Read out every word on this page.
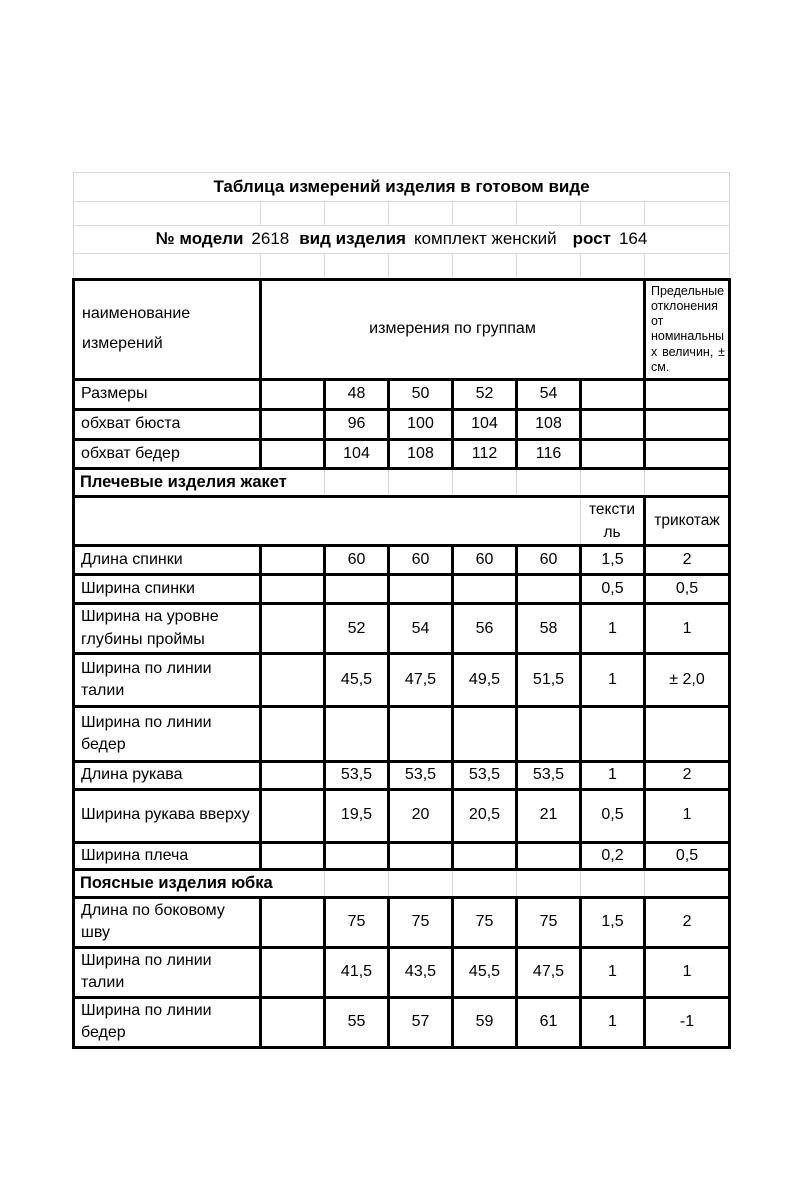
Таблица измерений изделия в готовом виде							

№ модели 2618 вид изделия комплект женский рост 164							

наименование измерений	измерения по группам						Предельные отклонения от номинальных величин, ± см.
Размеры		48	50	52	54		
обхват бюста		96	100	104	108		
обхват бедер		104	108	112	116		
Плечевые изделия жакет							
						текстиль	трикотаж
Длина спинки		60	60	60	60	1,5	2
Ширина спинки						0,5	0,5
Ширина на уровне глубины проймы		52	54	56	58	1	1
Ширина по линии талии		45,5	47,5	49,5	51,5	1	± 2,0
Ширина по линии бедер							
Длина рукава		53,5	53,5	53,5	53,5	1	2
Ширина рукава вверху		19,5	20	20,5	21	0,5	1
Ширина плеча						0,2	0,5
Поясные изделия юбка							
Длина по боковому шву		75	75	75	75	1,5	2
Ширина по линии талии		41,5	43,5	45,5	47,5	1	1
Ширина по линии бедер		55	57	59	61	1	-1
